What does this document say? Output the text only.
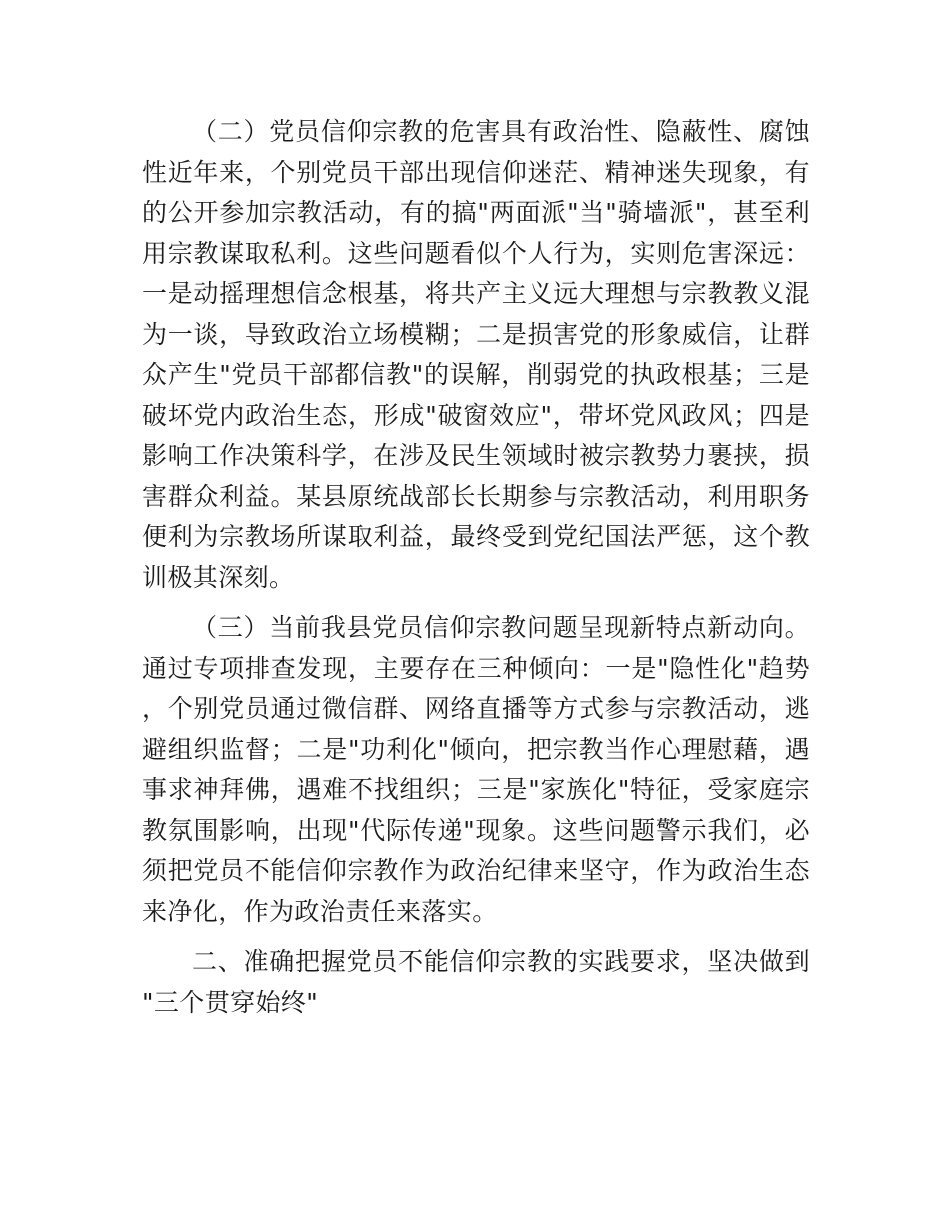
（二）党员信仰宗教的危害具有政治性、隐蔽性、腐蚀性近年来，个别党员干部出现信仰迷茫、精神迷失现象，有的公开参加宗教活动，有的搞"两面派"当"骑墙派"，甚至利用宗教谋取私利。这些问题看似个人行为，实则危害深远：一是动摇理想信念根基，将共产主义远大理想与宗教教义混为一谈，导致政治立场模糊；二是损害党的形象威信，让群众产生"党员干部都信教"的误解，削弱党的执政根基；三是破坏党内政治生态，形成"破窗效应"，带坏党风政风；四是影响工作决策科学，在涉及民生领域时被宗教势力裹挟，损害群众利益。某县原统战部长长期参与宗教活动，利用职务便利为宗教场所谋取利益，最终受到党纪国法严惩，这个教训极其深刻。

（三）当前我县党员信仰宗教问题呈现新特点新动向。通过专项排查发现，主要存在三种倾向：一是"隐性化"趋势，个别党员通过微信群、网络直播等方式参与宗教活动，逃避组织监督；二是"功利化"倾向，把宗教当作心理慰藉，遇事求神拜佛，遇难不找组织；三是"家族化"特征，受家庭宗教氛围影响，出现"代际传递"现象。这些问题警示我们，必须把党员不能信仰宗教作为政治纪律来坚守，作为政治生态来净化，作为政治责任来落实。

二、准确把握党员不能信仰宗教的实践要求，坚决做到"三个贯穿始终"
